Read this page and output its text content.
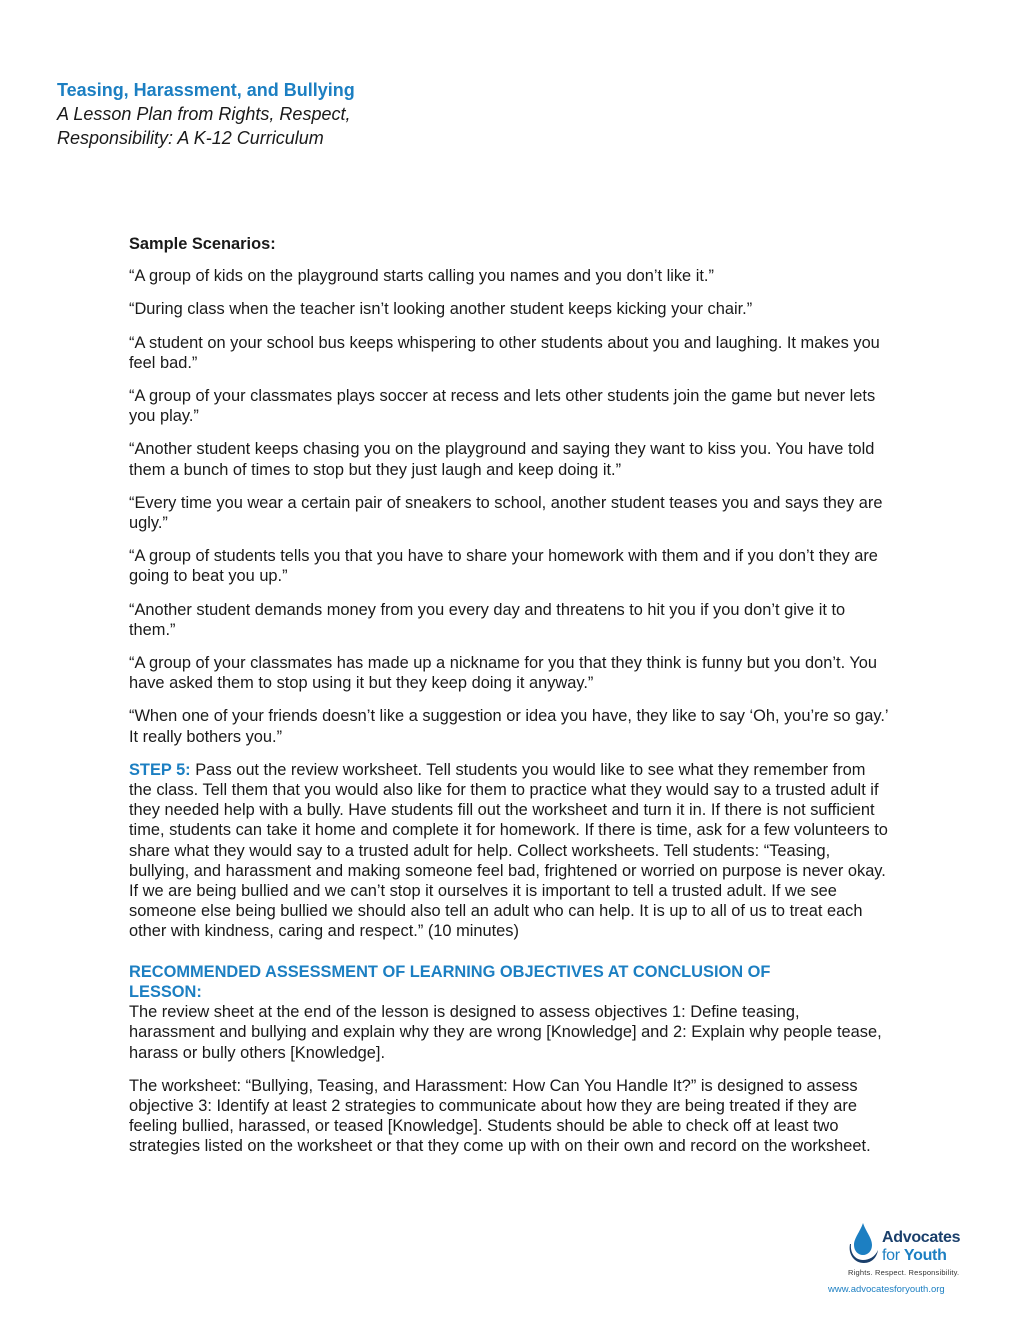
Teasing, Harassment, and Bullying
A Lesson Plan from Rights, Respect,
Responsibility: A K-12 Curriculum
Sample Scenarios:
“A group of kids on the playground starts calling you names and you don’t like it.”
“During class when the teacher isn’t looking another student keeps kicking your chair.”
“A student on your school bus keeps whispering to other students about you and laughing. It makes you feel bad.”
“A group of your classmates plays soccer at recess and lets other students join the game but never lets you play.”
“Another student keeps chasing you on the playground and saying they want to kiss you. You have told them a bunch of times to stop but they just laugh and keep doing it.”
“Every time you wear a certain pair of sneakers to school, another student teases you and says they are ugly.”
“A group of students tells you that you have to share your homework with them and if you don’t they are going to beat you up.”
“Another student demands money from you every day and threatens to hit you if you don’t give it to them.”
“A group of your classmates has made up a nickname for you that they think is funny but you don’t. You have asked them to stop using it but they keep doing it anyway.”
“When one of your friends doesn’t like a suggestion or idea you have, they like to say ‘Oh, you’re so gay.’ It really bothers you.”
STEP 5: Pass out the review worksheet. Tell students you would like to see what they remember from the class. Tell them that you would also like for them to practice what they would say to a trusted adult if they needed help with a bully. Have students fill out the worksheet and turn it in. If there is not sufficient time, students can take it home and complete it for homework. If there is time, ask for a few volunteers to share what they would say to a trusted adult for help. Collect worksheets. Tell students: “Teasing, bullying, and harassment and making someone feel bad, frightened or worried on purpose is never okay. If we are being bullied and we can’t stop it ourselves it is important to tell a trusted adult. If we see someone else being bullied we should also tell an adult who can help. It is up to all of us to treat each other with kindness, caring and respect.” (10 minutes)
RECOMMENDED ASSESSMENT OF LEARNING OBJECTIVES AT CONCLUSION OF LESSON:
The review sheet at the end of the lesson is designed to assess objectives 1: Define teasing, harassment and bullying and explain why they are wrong [Knowledge] and 2: Explain why people tease, harass or bully others [Knowledge].
The worksheet: “Bullying, Teasing, and Harassment: How Can You Handle It?” is designed to assess objective 3: Identify at least 2 strategies to communicate about how they are being treated if they are feeling bullied, harassed, or teased [Knowledge]. Students should be able to check off at least two strategies listed on the worksheet or that they come up with on their own and record on the worksheet.
Advocates
for Youth
Rights. Respect. Responsibility.
www.advocatesforyouth.org
